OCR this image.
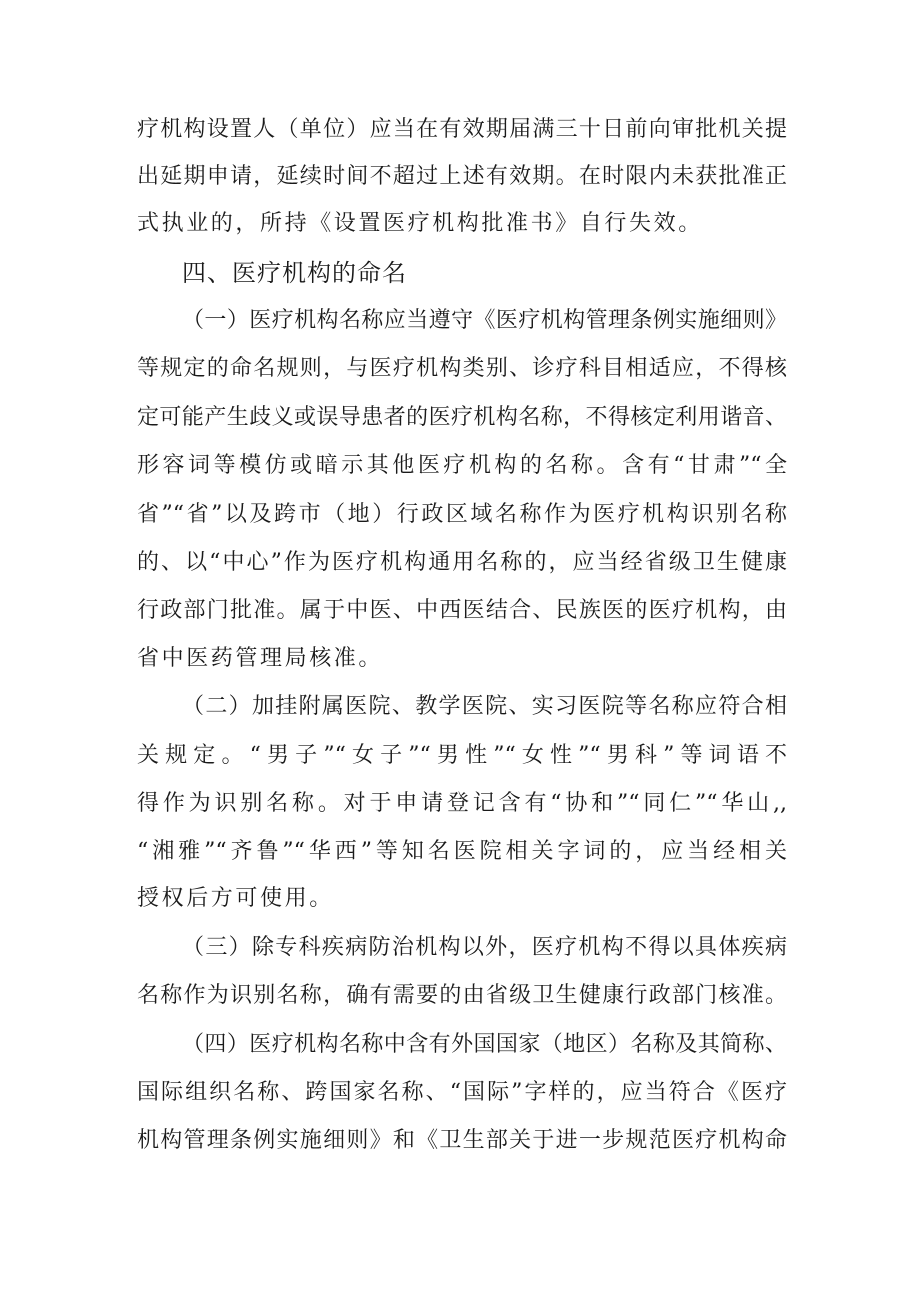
疗机构设置人（单位）应当在有效期届满三十日前向审批机关提
出延期申请，延续时间不超过上述有效期。在时限内未获批准正
式执业的，所持《设置医疗机构批准书》自行失效。
四、医疗机构的命名
（一）医疗机构名称应当遵守《医疗机构管理条例实施细则》
等规定的命名规则，与医疗机构类别、诊疗科目相适应，不得核
定可能产生歧义或误导患者的医疗机构名称，不得核定利用谐音、
形容词等模仿或暗示其他医疗机构的名称。含有“甘肃”“全
省”“省”以及跨市（地）行政区域名称作为医疗机构识别名称
的、以“中心”作为医疗机构通用名称的，应当经省级卫生健康
行政部门批准。属于中医、中西医结合、民族医的医疗机构，由
省中医药管理局核准。
（二）加挂附属医院、教学医院、实习医院等名称应符合相
关规定。“男子”“女子”“男性”“女性”“男科”等词语不
得作为识别名称。对于申请登记含有“协和”“同仁”“华山,,
“湘雅”“齐鲁”“华西”等知名医院相关字词的，应当经相关
授权后方可使用。
（三）除专科疾病防治机构以外，医疗机构不得以具体疾病
名称作为识别名称，确有需要的由省级卫生健康行政部门核准。
（四）医疗机构名称中含有外国国家（地区）名称及其简称、
国际组织名称、跨国家名称、“国际”字样的，应当符合《医疗
机构管理条例实施细则》和《卫生部关于进一步规范医疗机构命
